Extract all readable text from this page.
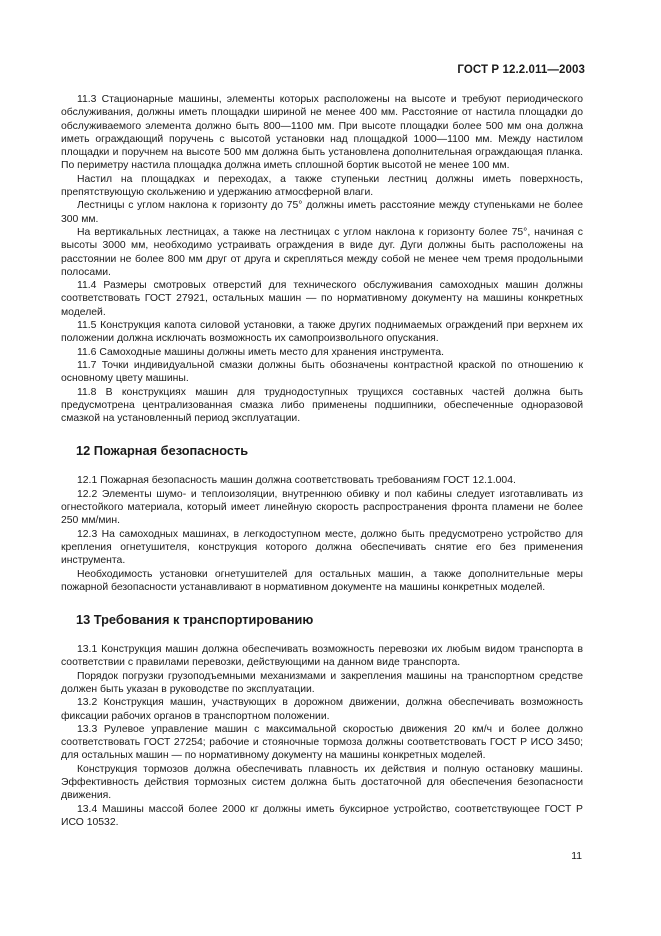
ГОСТ Р 12.2.011—2003

11.3 Стационарные машины, элементы которых расположены на высоте и требуют периодического обслуживания, должны иметь площадки шириной не менее 400 мм. Расстояние от настила площадки до обслуживаемого элемента должно быть 800—1100 мм. При высоте площадки более 500 мм она должна иметь ограждающий поручень с высотой установки над площадкой 1000—1100 мм. Между настилом площадки и поручнем на высоте 500 мм должна быть установлена дополнительная ограждающая планка. По периметру настила площадка должна иметь сплошной бортик высотой не менее 100 мм.

Настил на площадках и переходах, а также ступеньки лестниц должны иметь поверхность, препятствующую скольжению и удержанию атмосферной влаги.

Лестницы с углом наклона к горизонту до 75° должны иметь расстояние между ступеньками не более 300 мм.

На вертикальных лестницах, а также на лестницах с углом наклона к горизонту более 75°, начиная с высоты 3000 мм, необходимо устраивать ограждения в виде дуг. Дуги должны быть расположены на расстоянии не более 800 мм друг от друга и скрепляться между собой не менее чем тремя продольными полосами.

11.4 Размеры смотровых отверстий для технического обслуживания самоходных машин должны соответствовать ГОСТ 27921, остальных машин — по нормативному документу на машины конкретных моделей.

11.5 Конструкция капота силовой установки, а также других поднимаемых ограждений при верхнем их положении должна исключать возможность их самопроизвольного опускания.

11.6 Самоходные машины должны иметь место для хранения инструмента.

11.7 Точки индивидуальной смазки должны быть обозначены контрастной краской по отношению к основному цвету машины.

11.8 В конструкциях машин для труднодоступных трущихся составных частей должна быть предусмотрена централизованная смазка либо применены подшипники, обеспеченные одноразовой смазкой на установленный период эксплуатации.

12 Пожарная безопасность

12.1 Пожарная безопасность машин должна соответствовать требованиям ГОСТ 12.1.004.

12.2 Элементы шумо- и теплоизоляции, внутреннюю обивку и пол кабины следует изготавливать из огнестойкого материала, который имеет линейную скорость распространения фронта пламени не более 250 мм/мин.

12.3 На самоходных машинах, в легкодоступном месте, должно быть предусмотрено устройство для крепления огнетушителя, конструкция которого должна обеспечивать снятие его без применения инструмента.

Необходимость установки огнетушителей для остальных машин, а также дополнительные меры пожарной безопасности устанавливают в нормативном документе на машины конкретных моделей.

13 Требования к транспортированию

13.1 Конструкция машин должна обеспечивать возможность перевозки их любым видом транспорта в соответствии с правилами перевозки, действующими на данном виде транспорта.

Порядок погрузки грузоподъемными механизмами и закрепления машины на транспортном средстве должен быть указан в руководстве по эксплуатации.

13.2 Конструкция машин, участвующих в дорожном движении, должна обеспечивать возможность фиксации рабочих органов в транспортном положении.

13.3 Рулевое управление машин с максимальной скоростью движения 20 км/ч и более должно соответствовать ГОСТ 27254; рабочие и стояночные тормоза должны соответствовать ГОСТ Р ИСО 3450; для остальных машин — по нормативному документу на машины конкретных моделей.

Конструкция тормозов должна обеспечивать плавность их действия и полную остановку машины. Эффективность действия тормозных систем должна быть достаточной для обеспечения безопасности движения.

13.4 Машины массой более 2000 кг должны иметь буксирное устройство, соответствующее ГОСТ Р ИСО 10532.

11
